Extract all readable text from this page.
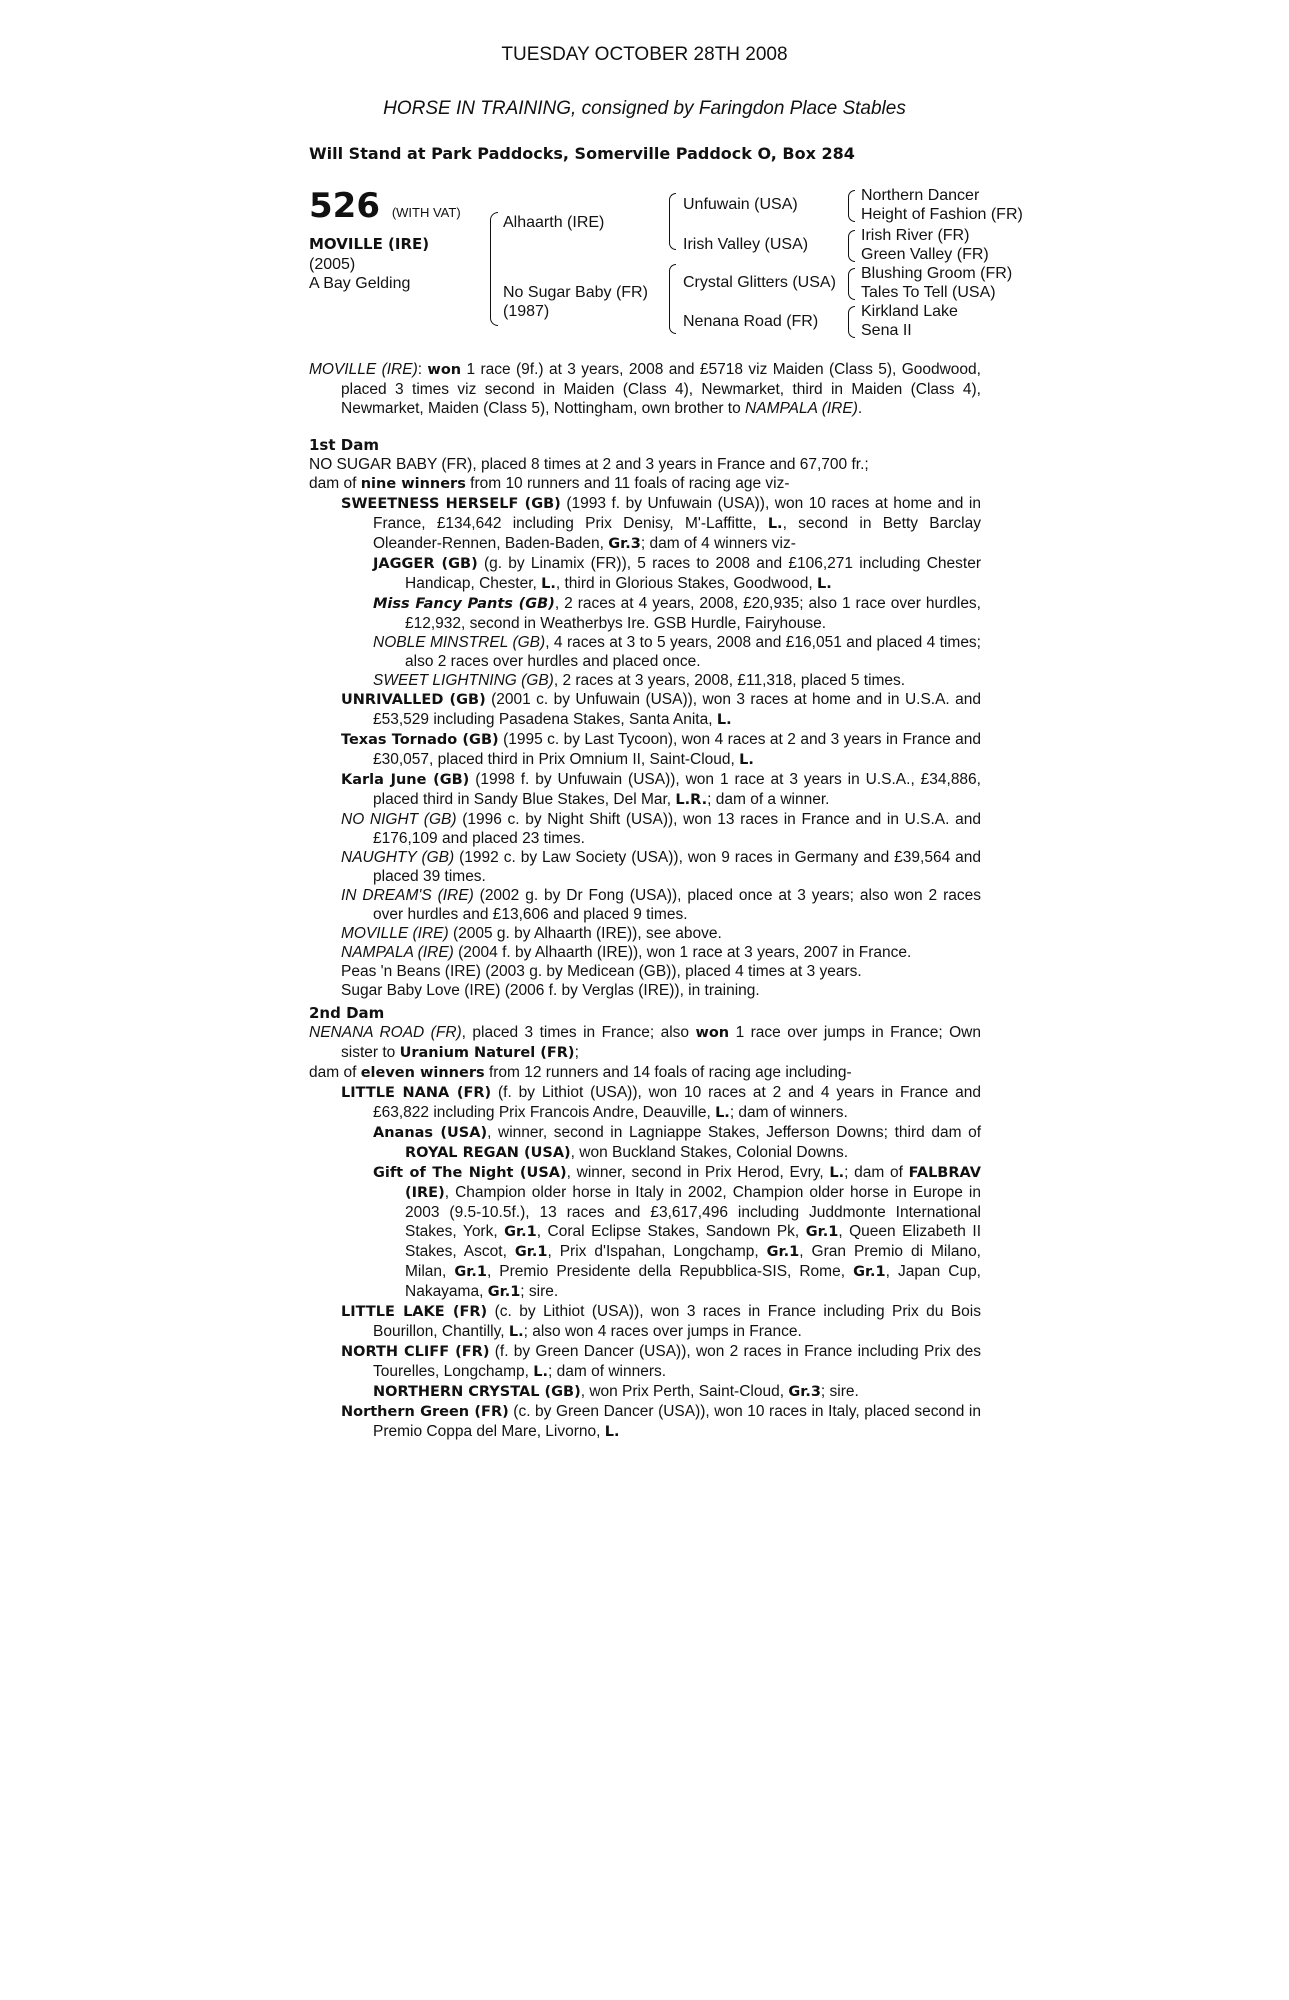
TUESDAY OCTOBER 28TH 2008
HORSE IN TRAINING, consigned by Faringdon Place Stables
Will Stand at Park Paddocks, Somerville Paddock O, Box 284
526 (WITH VAT)
MOVILLE (IRE)
(2005)
A Bay Gelding
Alhaarth (IRE)
No Sugar Baby (FR)
(1987)
Unfuwain (USA)
Irish Valley (USA)
Crystal Glitters (USA)
Nenana Road (FR)
Northern Dancer
Height of Fashion (FR)
Irish River (FR)
Green Valley (FR)
Blushing Groom (FR)
Tales To Tell (USA)
Kirkland Lake
Sena II

MOVILLE (IRE): won 1 race (9f.) at 3 years, 2008 and £5718 viz Maiden (Class 5), Goodwood, placed 3 times viz second in Maiden (Class 4), Newmarket, third in Maiden (Class 4), Newmarket, Maiden (Class 5), Nottingham, own brother to NAMPALA (IRE).

1st Dam

NO SUGAR BABY (FR), placed 8 times at 2 and 3 years in France and 67,700 fr.;

dam of nine winners from 10 runners and 11 foals of racing age viz-

SWEETNESS HERSELF (GB) (1993 f. by Unfuwain (USA)), won 10 races at home and in France, £134,642 including Prix Denisy, M'-Laffitte, L., second in Betty Barclay Oleander-Rennen, Baden-Baden, Gr.3; dam of 4 winners viz-

JAGGER (GB) (g. by Linamix (FR)), 5 races to 2008 and £106,271 including Chester Handicap, Chester, L., third in Glorious Stakes, Goodwood, L.

Miss Fancy Pants (GB), 2 races at 4 years, 2008, £20,935; also 1 race over hurdles, £12,932, second in Weatherbys Ire. GSB Hurdle, Fairyhouse.

NOBLE MINSTREL (GB), 4 races at 3 to 5 years, 2008 and £16,051 and placed 4 times; also 2 races over hurdles and placed once.

SWEET LIGHTNING (GB), 2 races at 3 years, 2008, £11,318, placed 5 times.

UNRIVALLED (GB) (2001 c. by Unfuwain (USA)), won 3 races at home and in U.S.A. and £53,529 including Pasadena Stakes, Santa Anita, L.

Texas Tornado (GB) (1995 c. by Last Tycoon), won 4 races at 2 and 3 years in France and £30,057, placed third in Prix Omnium II, Saint-Cloud, L.

Karla June (GB) (1998 f. by Unfuwain (USA)), won 1 race at 3 years in U.S.A., £34,886, placed third in Sandy Blue Stakes, Del Mar, L.R.; dam of a winner.

NO NIGHT (GB) (1996 c. by Night Shift (USA)), won 13 races in France and in U.S.A. and £176,109 and placed 23 times.

NAUGHTY (GB) (1992 c. by Law Society (USA)), won 9 races in Germany and £39,564 and placed 39 times.

IN DREAM'S (IRE) (2002 g. by Dr Fong (USA)), placed once at 3 years; also won 2 races over hurdles and £13,606 and placed 9 times.

MOVILLE (IRE) (2005 g. by Alhaarth (IRE)), see above.

NAMPALA (IRE) (2004 f. by Alhaarth (IRE)), won 1 race at 3 years, 2007 in France.

Peas 'n Beans (IRE) (2003 g. by Medicean (GB)), placed 4 times at 3 years.

Sugar Baby Love (IRE) (2006 f. by Verglas (IRE)), in training.

2nd Dam

NENANA ROAD (FR), placed 3 times in France; also won 1 race over jumps in France; Own sister to Uranium Naturel (FR);

dam of eleven winners from 12 runners and 14 foals of racing age including-

LITTLE NANA (FR) (f. by Lithiot (USA)), won 10 races at 2 and 4 years in France and £63,822 including Prix Francois Andre, Deauville, L.; dam of winners.

Ananas (USA), winner, second in Lagniappe Stakes, Jefferson Downs; third dam of ROYAL REGAN (USA), won Buckland Stakes, Colonial Downs.

Gift of The Night (USA), winner, second in Prix Herod, Evry, L.; dam of FALBRAV (IRE), Champion older horse in Italy in 2002, Champion older horse in Europe in 2003 (9.5-10.5f.), 13 races and £3,617,496 including Juddmonte International Stakes, York, Gr.1, Coral Eclipse Stakes, Sandown Pk, Gr.1, Queen Elizabeth II Stakes, Ascot, Gr.1, Prix d'Ispahan, Longchamp, Gr.1, Gran Premio di Milano, Milan, Gr.1, Premio Presidente della Repubblica-SIS, Rome, Gr.1, Japan Cup, Nakayama, Gr.1; sire.

LITTLE LAKE (FR) (c. by Lithiot (USA)), won 3 races in France including Prix du Bois Bourillon, Chantilly, L.; also won 4 races over jumps in France.

NORTH CLIFF (FR) (f. by Green Dancer (USA)), won 2 races in France including Prix des Tourelles, Longchamp, L.; dam of winners.

NORTHERN CRYSTAL (GB), won Prix Perth, Saint-Cloud, Gr.3; sire.

Northern Green (FR) (c. by Green Dancer (USA)), won 10 races in Italy, placed second in Premio Coppa del Mare, Livorno, L.
